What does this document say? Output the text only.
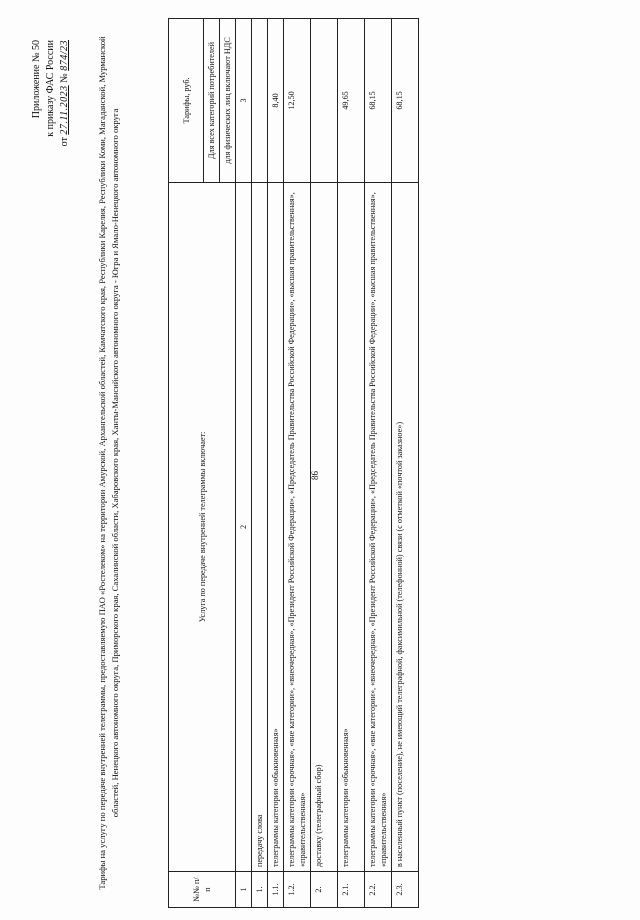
86
Приложение № 50 к приказу ФАС России
от 27.11.2023 № 874/23	Тарифы на услугу по передаче внутренней телеграммы, предоставляемую ПАО «Ростелеком» на территории Амурской, Архангельской областей, Камчатского края, Республики Карелия, Республики Коми, Магаданской, Мурманской областей, Ненецкого автономного округа, Приморского края, Сахалинской области, Хабаровского края, Ханты-Мансийского автономного округа - Югра и Ямало-Ненецкого автономного округа
№№ п/п	Услуга по передаче внутренней телеграммы включает:	Тарифы, руб.
		Для всех категорий потребителей
		для физических лиц включают НДС
1	2	3
1.	передачу слова	
1.1.	телеграммы категории «обыкновенная»	8,40
1.2.	телеграммы категории «срочная», «вне категории», «внеочередная», «Президент Российской Федерации», «Председатель Правительства Российской Федерации», «высшая правительственная», «правительственная»	12,50
2.	доставку (телеграфный сбор)	
2.1.	телеграммы категории «обыкновенная»	49,65
2.2.	телеграммы категории «срочная», «вне категории», «внеочередная», «Президент Российской Федерации», «Председатель Правительства Российской Федерации», «высшая правительственная», «правительственная»	68,15
2.3.	в населенный пункт (поселение), не имеющий телеграфной, факсимильной (телефонной) связи (с отметкой «почтой заказное»)	68,15
